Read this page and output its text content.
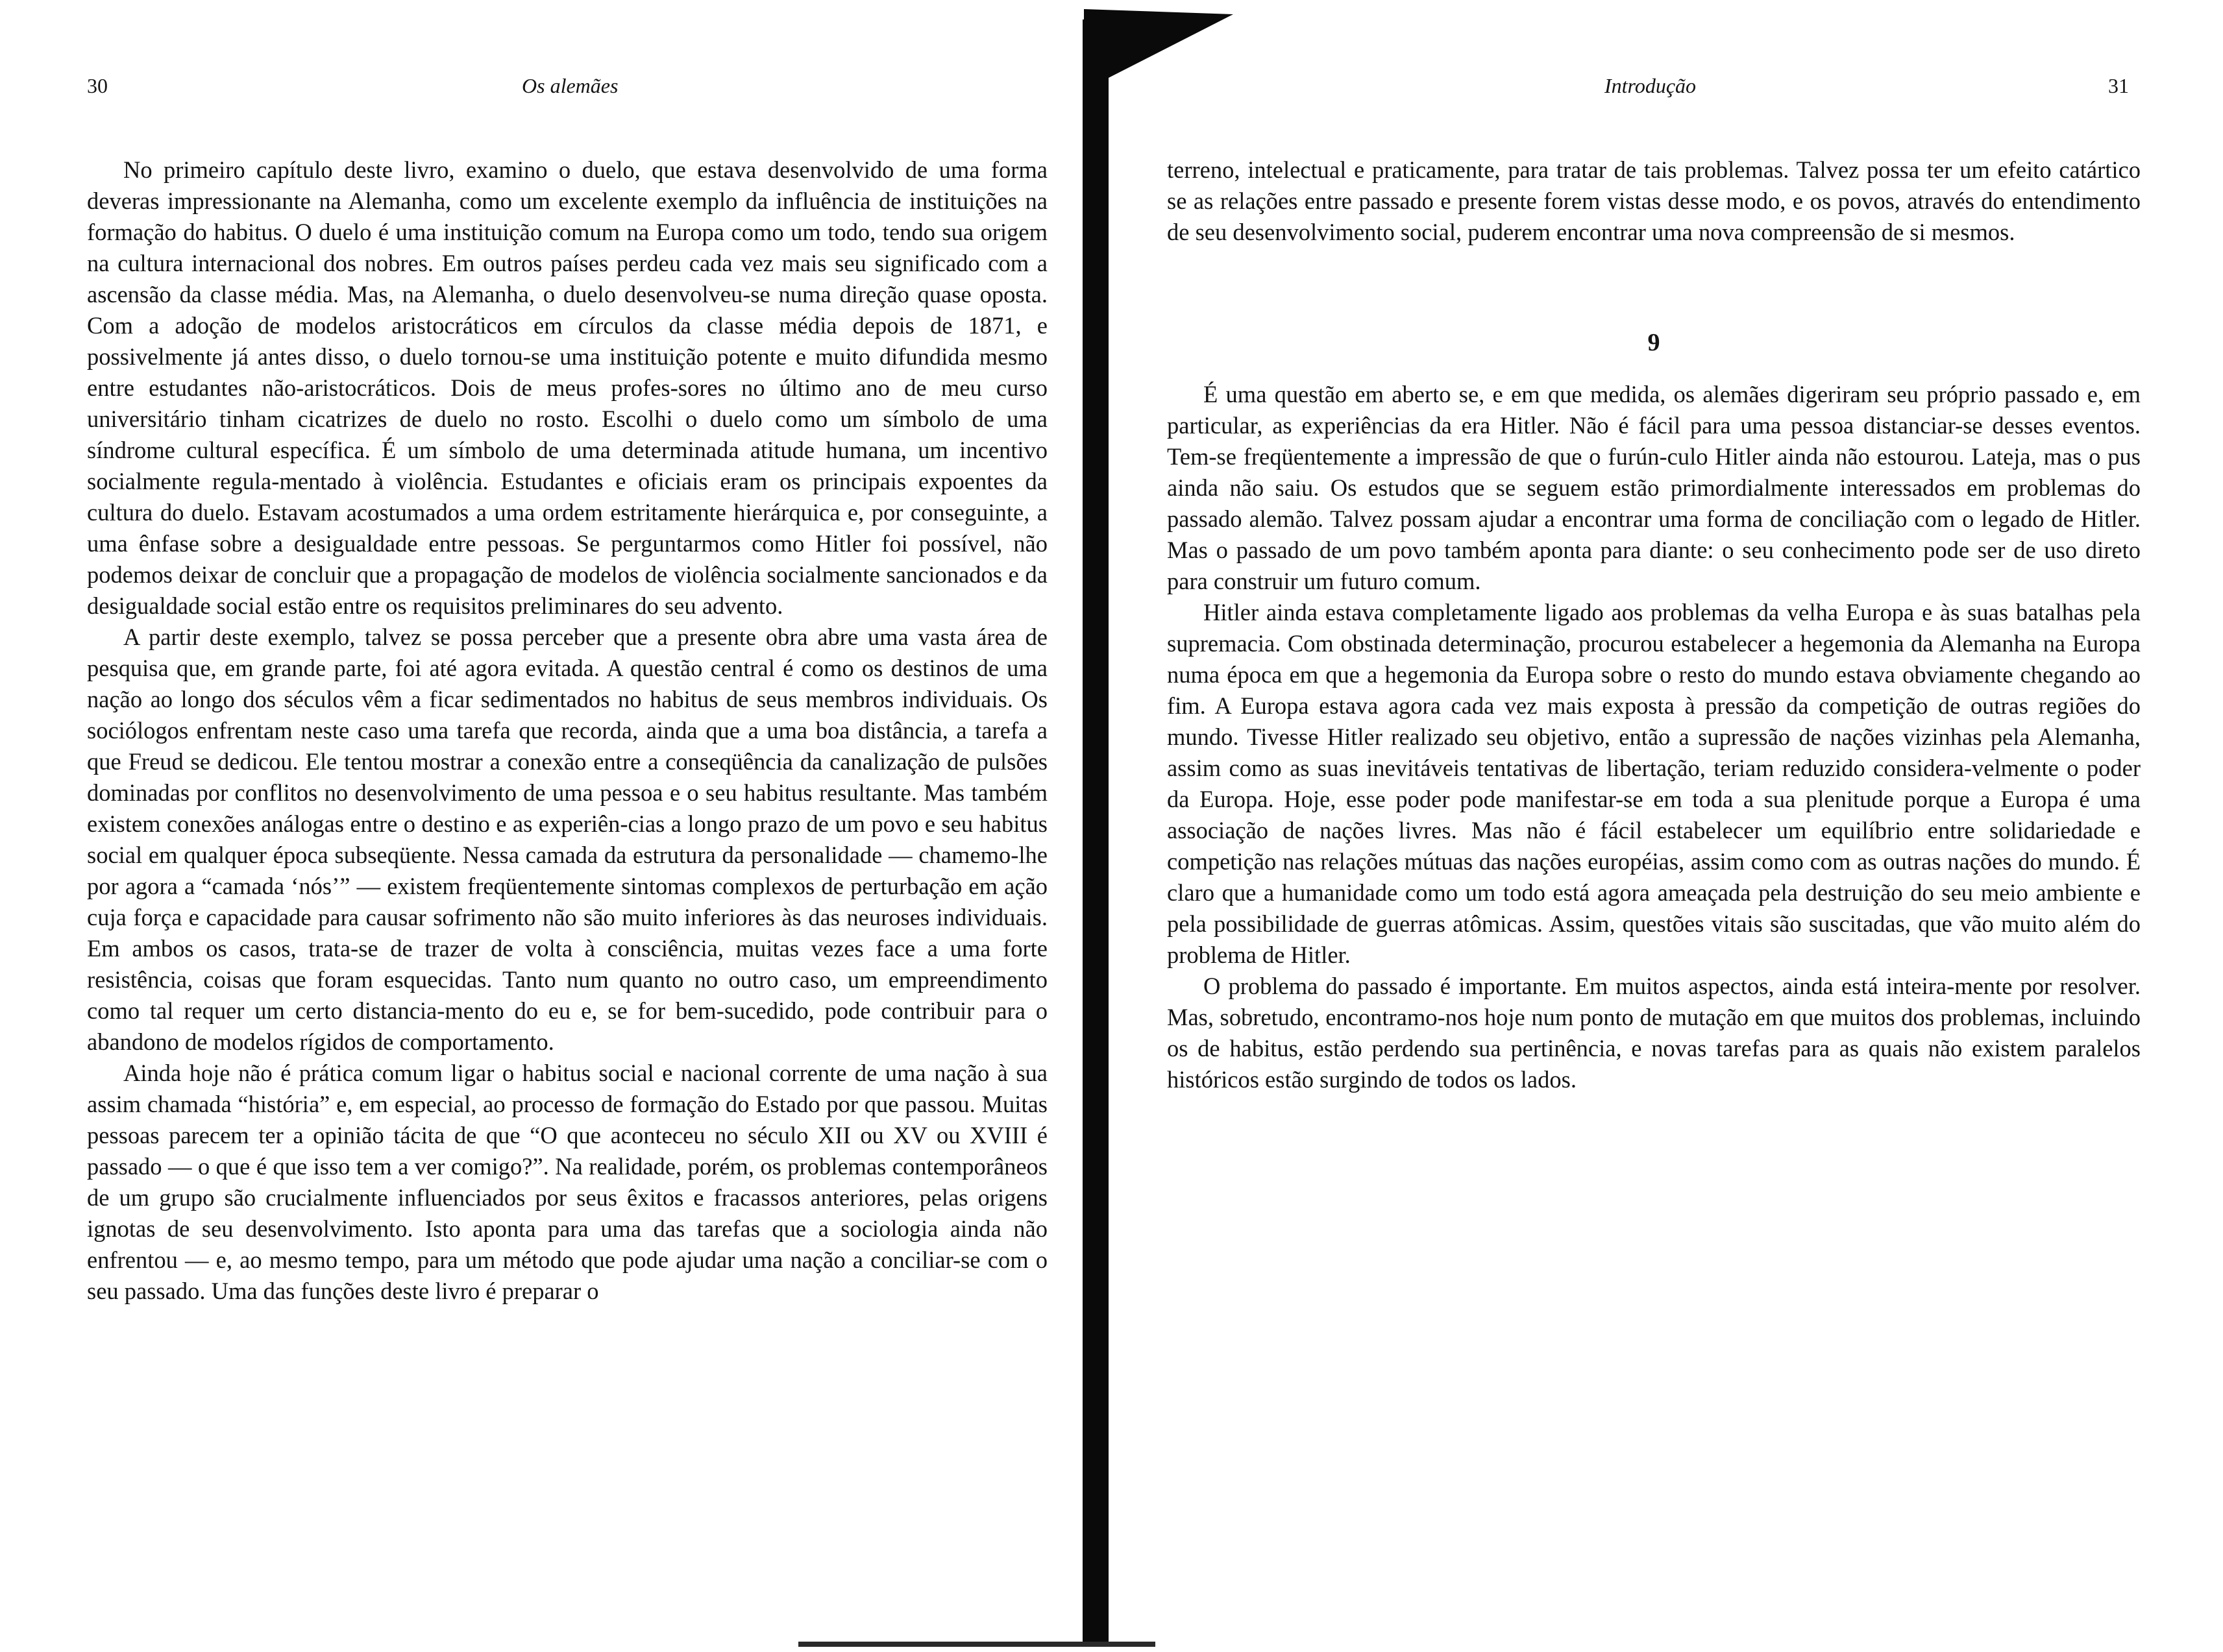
30	Os alemães

No primeiro capítulo deste livro, examino o duelo, que estava desenvolvido de uma forma deveras impressionante na Alemanha, como um excelente exemplo da influência de instituições na formação do habitus. O duelo é uma instituição comum na Europa como um todo, tendo sua origem na cultura internacional dos nobres. Em outros países perdeu cada vez mais seu significado com a ascensão da classe média. Mas, na Alemanha, o duelo desenvolveu-se numa direção quase oposta. Com a adoção de modelos aristocráticos em círculos da classe média depois de 1871, e possivelmente já antes disso, o duelo tornou-se uma instituição potente e muito difundida mesmo entre estudantes não-aristocráticos. Dois de meus profes-sores no último ano de meu curso universitário tinham cicatrizes de duelo no rosto. Escolhi o duelo como um símbolo de uma síndrome cultural específica. É um símbolo de uma determinada atitude humana, um incentivo socialmente regula-mentado à violência. Estudantes e oficiais eram os principais expoentes da cultura do duelo. Estavam acostumados a uma ordem estritamente hierárquica e, por conseguinte, a uma ênfase sobre a desigualdade entre pessoas. Se perguntarmos como Hitler foi possível, não podemos deixar de concluir que a propagação de modelos de violência socialmente sancionados e da desigualdade social estão entre os requisitos preliminares do seu advento.

A partir deste exemplo, talvez se possa perceber que a presente obra abre uma vasta área de pesquisa que, em grande parte, foi até agora evitada. A questão central é como os destinos de uma nação ao longo dos séculos vêm a ficar sedimentados no habitus de seus membros individuais. Os sociólogos enfrentam neste caso uma tarefa que recorda, ainda que a uma boa distância, a tarefa a que Freud se dedicou. Ele tentou mostrar a conexão entre a conseqüência da canalização de pulsões dominadas por conflitos no desenvolvimento de uma pessoa e o seu habitus resultante. Mas também existem conexões análogas entre o destino e as experiên-cias a longo prazo de um povo e seu habitus social em qualquer época subseqüente. Nessa camada da estrutura da personalidade — chamemo-lhe por agora a “camada ‘nós’” — existem freqüentemente sintomas complexos de perturbação em ação cuja força e capacidade para causar sofrimento não são muito inferiores às das neuroses individuais. Em ambos os casos, trata-se de trazer de volta à consciência, muitas vezes face a uma forte resistência, coisas que foram esquecidas. Tanto num quanto no outro caso, um empreendimento como tal requer um certo distancia-mento do eu e, se for bem-sucedido, pode contribuir para o abandono de modelos rígidos de comportamento.

Ainda hoje não é prática comum ligar o habitus social e nacional corrente de uma nação à sua assim chamada “história” e, em especial, ao processo de formação do Estado por que passou. Muitas pessoas parecem ter a opinião tácita de que “O que aconteceu no século XII ou XV ou XVIII é passado — o que é que isso tem a ver comigo?”. Na realidade, porém, os problemas contemporâneos de um grupo são crucialmente influenciados por seus êxitos e fracassos anteriores, pelas origens ignotas de seu desenvolvimento. Isto aponta para uma das tarefas que a sociologia ainda não enfrentou — e, ao mesmo tempo, para um método que pode ajudar uma nação a conciliar-se com o seu passado. Uma das funções deste livro é preparar o

Introdução	31

terreno, intelectual e praticamente, para tratar de tais problemas. Talvez possa ter um efeito catártico se as relações entre passado e presente forem vistas desse modo, e os povos, através do entendimento de seu desenvolvimento social, puderem encontrar uma nova compreensão de si mesmos.

9

É uma questão em aberto se, e em que medida, os alemães digeriram seu próprio passado e, em particular, as experiências da era Hitler. Não é fácil para uma pessoa distanciar-se desses eventos. Tem-se freqüentemente a impressão de que o furún-culo Hitler ainda não estourou. Lateja, mas o pus ainda não saiu. Os estudos que se seguem estão primordialmente interessados em problemas do passado alemão. Talvez possam ajudar a encontrar uma forma de conciliação com o legado de Hitler. Mas o passado de um povo também aponta para diante: o seu conhecimento pode ser de uso direto para construir um futuro comum.

Hitler ainda estava completamente ligado aos problemas da velha Europa e às suas batalhas pela supremacia. Com obstinada determinação, procurou estabelecer a hegemonia da Alemanha na Europa numa época em que a hegemonia da Europa sobre o resto do mundo estava obviamente chegando ao fim. A Europa estava agora cada vez mais exposta à pressão da competição de outras regiões do mundo. Tivesse Hitler realizado seu objetivo, então a supressão de nações vizinhas pela Alemanha, assim como as suas inevitáveis tentativas de libertação, teriam reduzido considera-velmente o poder da Europa. Hoje, esse poder pode manifestar-se em toda a sua plenitude porque a Europa é uma associação de nações livres. Mas não é fácil estabelecer um equilíbrio entre solidariedade e competição nas relações mútuas das nações européias, assim como com as outras nações do mundo. É claro que a humanidade como um todo está agora ameaçada pela destruição do seu meio ambiente e pela possibilidade de guerras atômicas. Assim, questões vitais são suscitadas, que vão muito além do problema de Hitler.

O problema do passado é importante. Em muitos aspectos, ainda está inteira-mente por resolver. Mas, sobretudo, encontramo-nos hoje num ponto de mutação em que muitos dos problemas, incluindo os de habitus, estão perdendo sua pertinência, e novas tarefas para as quais não existem paralelos históricos estão surgindo de todos os lados.
